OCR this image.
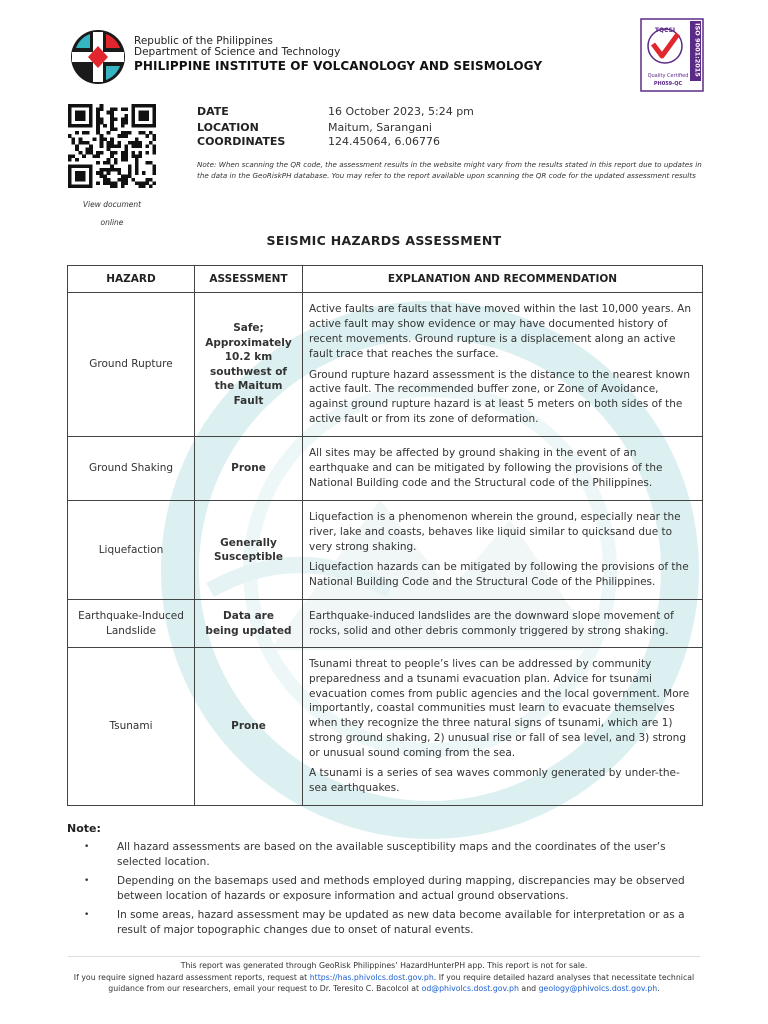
Republic of the Philippines
Department of Science and Technology
PHILIPPINE INSTITUTE OF VOLCANOLOGY AND SEISMOLOGY	ISO 9001:2015
TQCSI
Quality Certified
PH059-QC
View document
online
DATE	16 October 2023, 5:24 pm
LOCATION	Maitum, Sarangani
COORDINATES	124.45064, 6.06776
Note: When scanning the QR code, the assessment results in the website might vary from the results stated in this report due to updates in the data in the GeoRiskPH database. You may refer to the report available upon scanning the QR code for the updated assessment results
SEISMIC HAZARDS ASSESSMENT
HAZARD	ASSESSMENT	EXPLANATION AND RECOMMENDATION
Ground Rupture	Safe; Approximately 10.2 km southwest of the Maitum Fault	Active faults are faults that have moved within the last 10,000 years. An active fault may show evidence or may have documented history of recent movements. Ground rupture is a displacement along an active fault trace that reaches the surface.

Ground rupture hazard assessment is the distance to the nearest known active fault. The recommended buffer zone, or Zone of Avoidance, against ground rupture hazard is at least 5 meters on both sides of the active fault or from its zone of deformation.

Ground Shaking	Prone	All sites may be affected by ground shaking in the event of an earthquake and can be mitigated by following the provisions of the National Building code and the Structural code of the Philippines.

Liquefaction	Generally Susceptible	Liquefaction is a phenomenon wherein the ground, especially near the river, lake and coasts, behaves like liquid similar to quicksand due to very strong shaking.

Liquefaction hazards can be mitigated by following the provisions of the National Building Code and the Structural Code of the Philippines.

Earthquake-Induced Landslide	Data are being updated	Earthquake-induced landslides are the downward slope movement of rocks, solid and other debris commonly triggered by strong shaking.

Tsunami	Prone	Tsunami threat to people’s lives can be addressed by community preparedness and a tsunami evacuation plan. Advice for tsunami evacuation comes from public agencies and the local government. More importantly, coastal communities must learn to evacuate themselves when they recognize the three natural signs of tsunami, which are 1) strong ground shaking, 2) unusual rise or fall of sea level, and 3) strong or unusual sound coming from the sea.

A tsunami is a series of sea waves commonly generated by under-the-sea earthquakes.

Note:
•	All hazard assessments are based on the available susceptibility maps and the coordinates of the user’s selected location.
•	Depending on the basemaps used and methods employed during mapping, discrepancies may be observed between location of hazards or exposure information and actual ground observations.
•	In some areas, hazard assessment may be updated as new data become available for interpretation or as a result of major topographic changes due to onset of natural events.
This report was generated through GeoRisk Philippines’ HazardHunterPH app. This report is not for sale.
If you require signed hazard assessment reports, request at https://has.phivolcs.dost.gov.ph. If you require detailed hazard analyses that necessitate technical guidance from our researchers, email your request to Dr. Teresito C. Bacolcol at od@phivolcs.dost.gov.ph and geology@phivolcs.dost.gov.ph.
